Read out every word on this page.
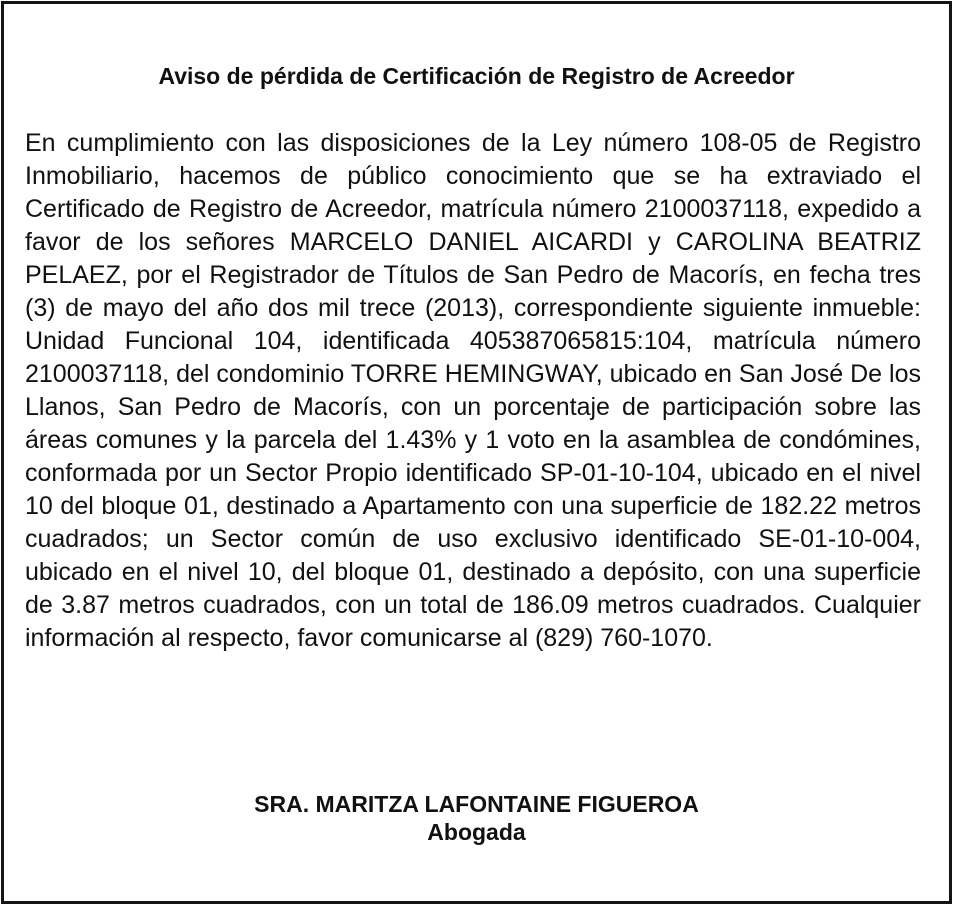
Aviso de pérdida de Certificación de Registro de Acreedor

En cumplimiento con las disposiciones de la Ley número 108-05 de Registro Inmobiliario, hacemos de público conocimiento que se ha extraviado el Certificado de Registro de Acreedor, matrícula número 2100037118, expedido a favor de los señores MARCELO DANIEL AICARDI y CAROLINA BEATRIZ PELAEZ, por el Registrador de Títulos de San Pedro de Macorís, en fecha tres (3) de mayo del año dos mil trece (2013), correspondiente siguiente inmueble: Unidad Funcional 104, identificada 405387065815:104, matrícula número 2100037118, del condominio TORRE HEMINGWAY, ubicado en San José De los Llanos, San Pedro de Macorís, con un porcentaje de participación sobre las áreas comunes y la parcela del 1.43% y 1 voto en la asamblea de condómines, conformada por un Sector Propio identificado SP-01-10-104, ubicado en el nivel 10 del bloque 01, destinado a Apartamento con una superficie de 182.22 metros cuadrados; un Sector común de uso exclusivo identificado SE-01-10-004, ubicado en el nivel 10, del bloque 01, destinado a depósito, con una superficie de 3.87 metros cuadrados, con un total de 186.09 metros cuadrados. Cualquier información al respecto, favor comunicarse al (829) 760-1070.

SRA. MARITZA LAFONTAINE FIGUEROA
Abogada
